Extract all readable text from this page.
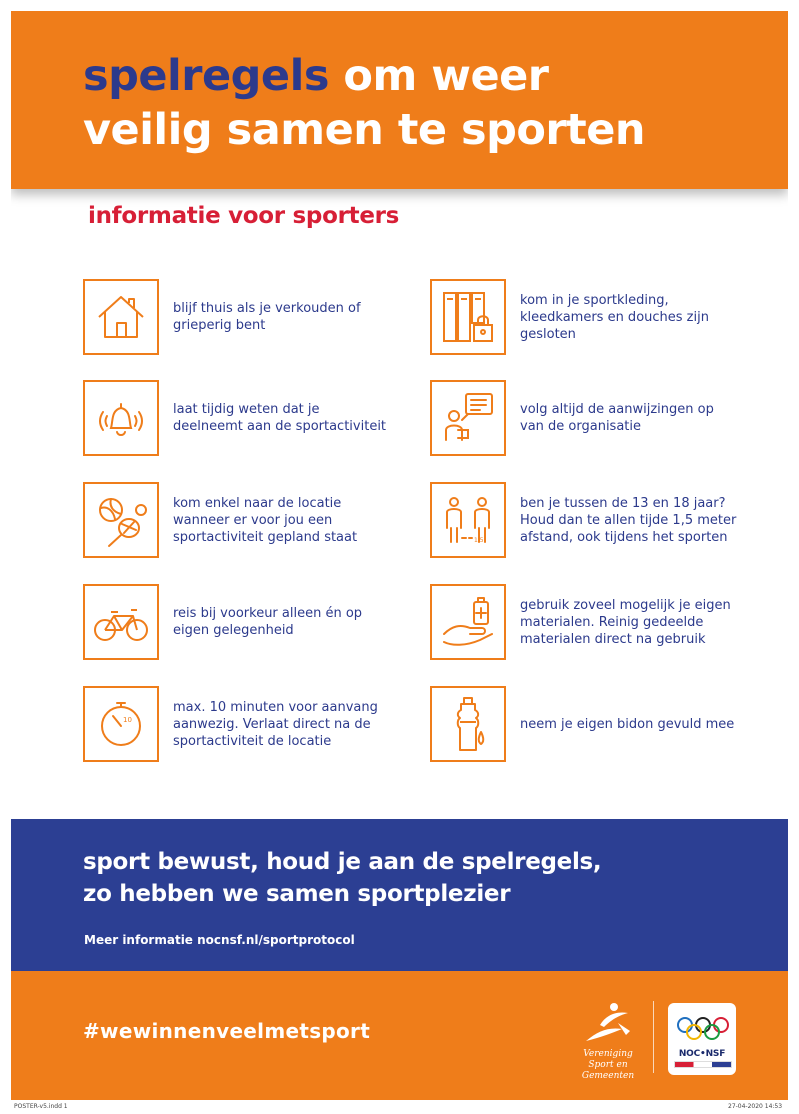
spelregels om weer
veilig samen te sporten
informatie voor sporters
blijf thuis als je verkouden of grieperig bent
laat tijdig weten dat je deelneemt aan de sportactiviteit
kom enkel naar de locatie wanneer er voor jou een sportactiviteit gepland staat
reis bij voorkeur alleen én op eigen gelegenheid
10
max. 10 minuten voor aanvang aanwezig. Verlaat direct na de sportactiviteit de locatie
kom in je sportkleding, kleedkamers en douches zijn gesloten
volg altijd de aanwijzingen op van de organisatie
1,5
ben je tussen de 13 en 18 jaar? Houd dan te allen tijde 1,5 meter afstand, ook tijdens het sporten
gebruik zoveel mogelijk je eigen materialen. Reinig gedeelde materialen direct na gebruik
neem je eigen bidon gevuld mee
sport bewust, houd je aan de spelregels,
zo hebben we samen sportplezier
Meer informatie nocnsf.nl/sportprotocol
#wewinnenveelmetsport
Vereniging
Sport en Gemeenten
NOC•NSF
POSTER-v5.indd 1	27-04-2020 14:53
